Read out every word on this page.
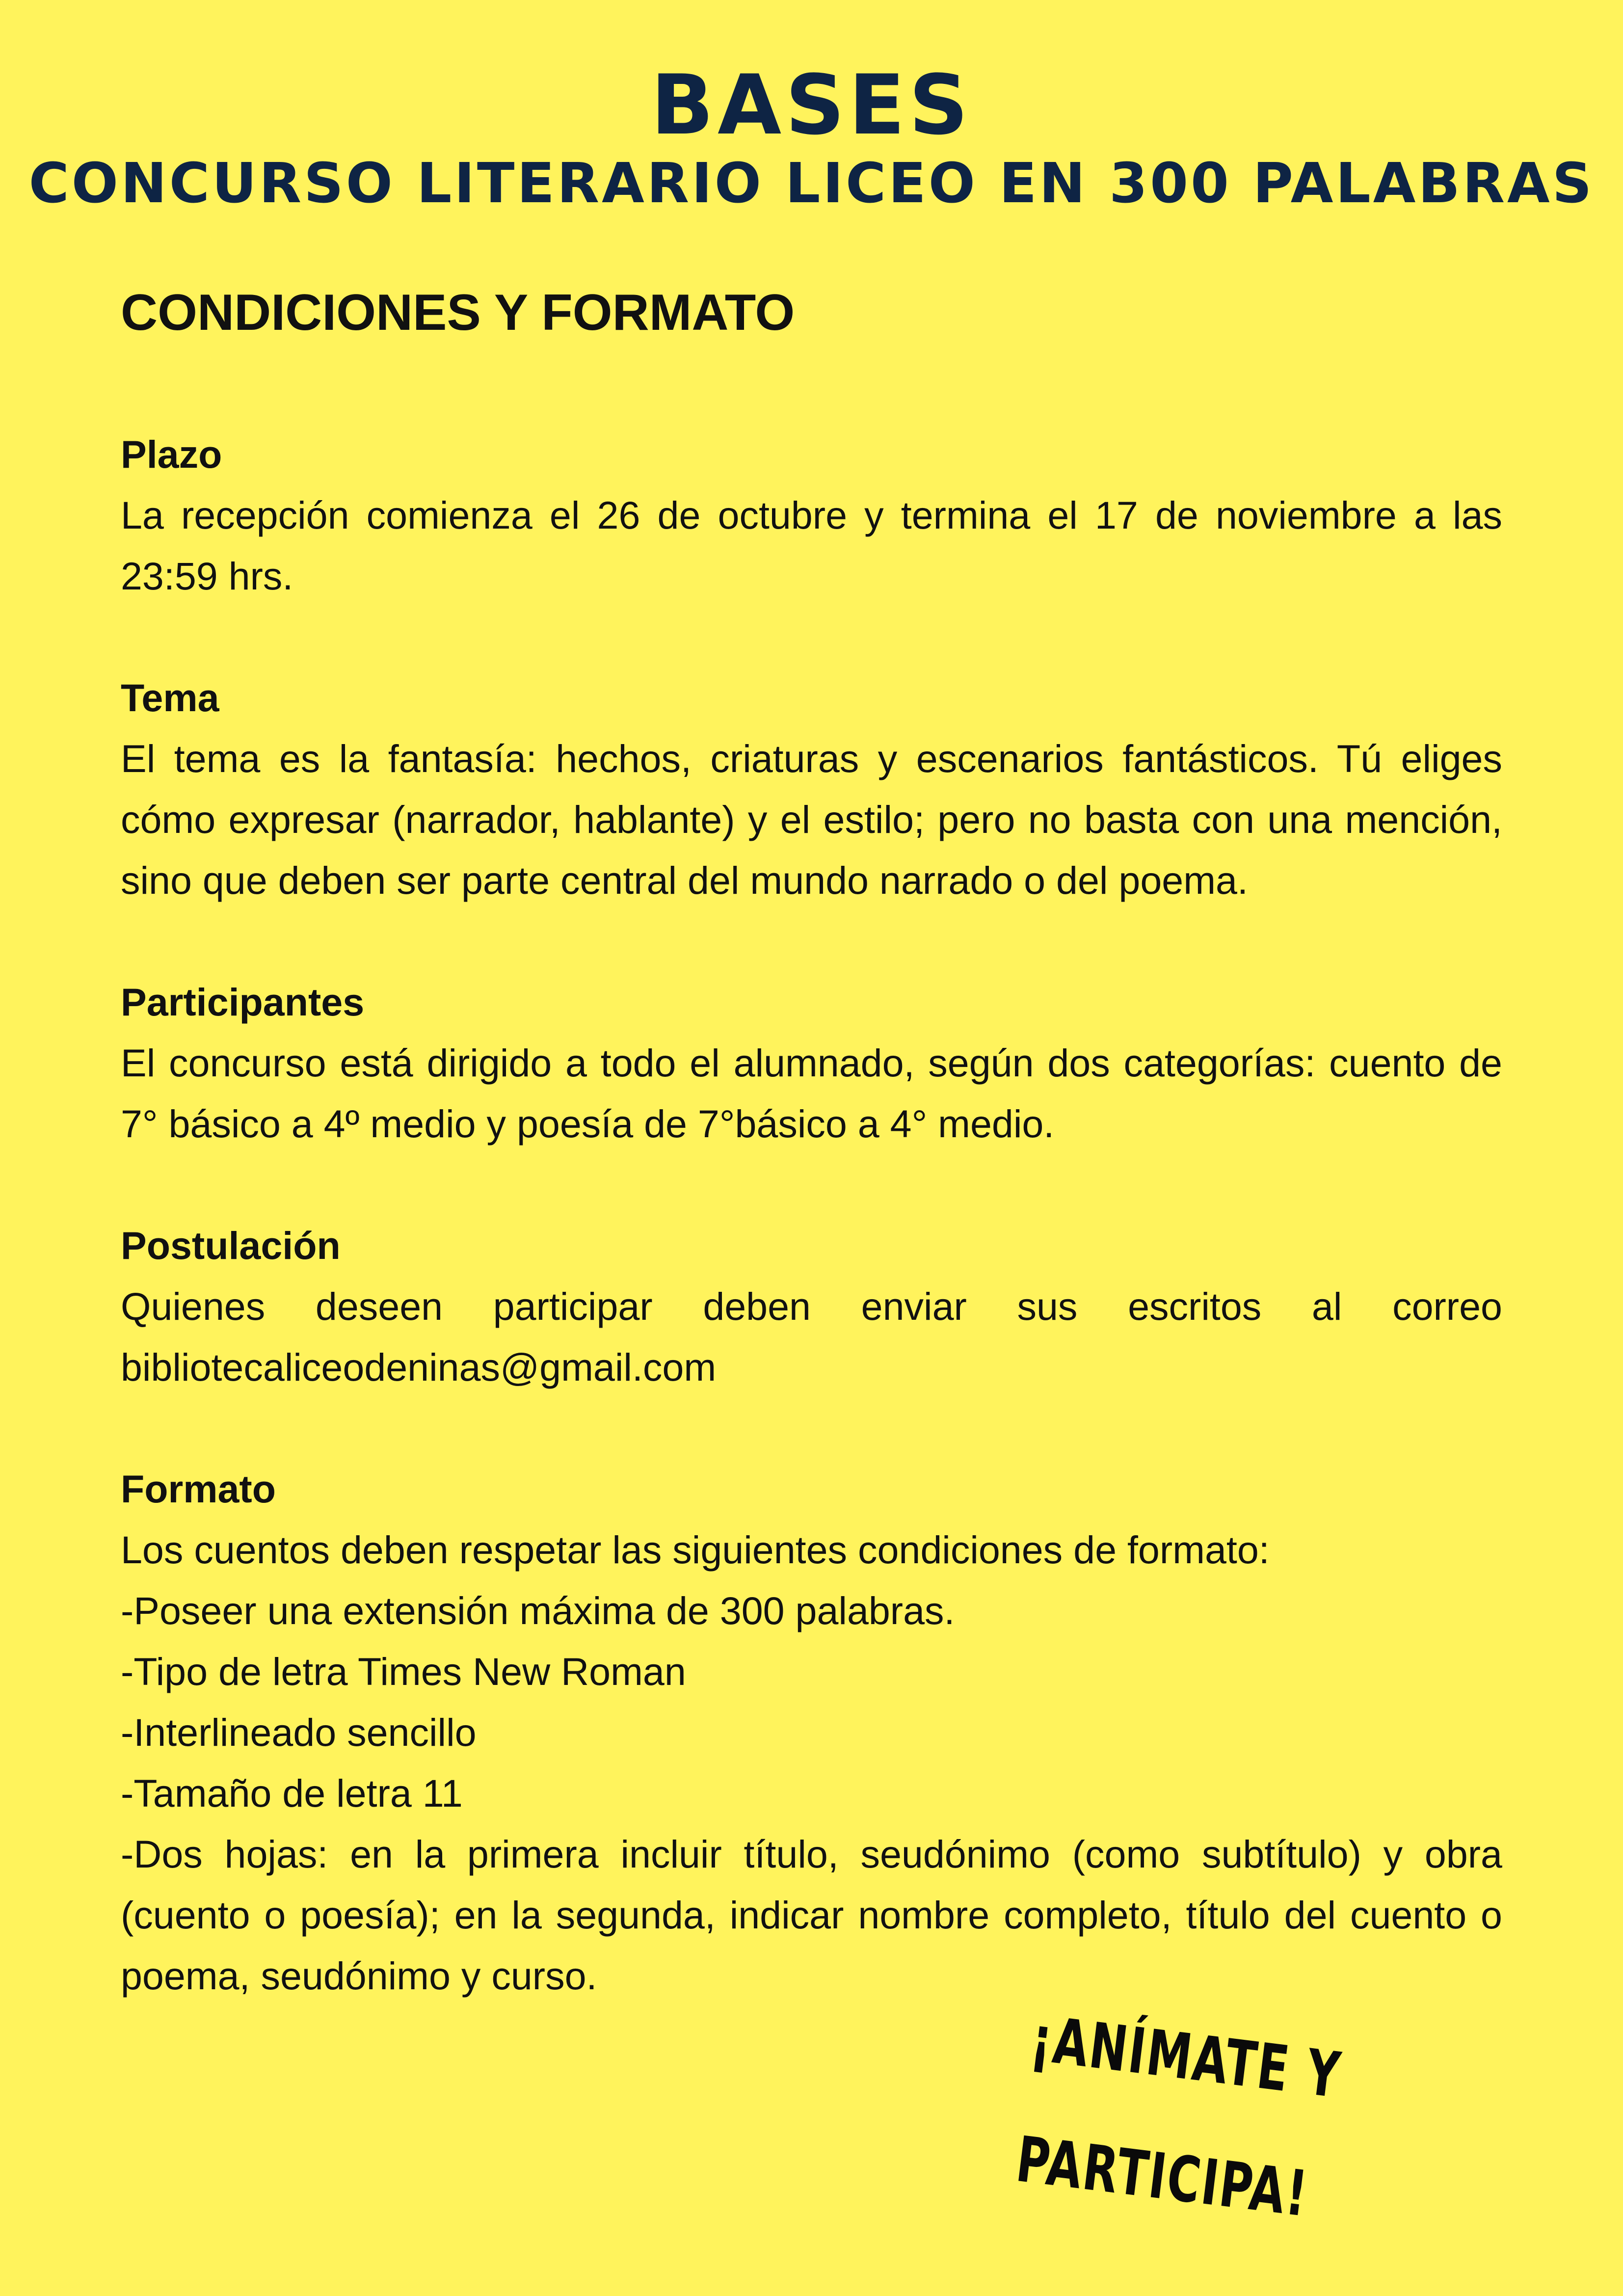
BASES
CONCURSO LITERARIO LICEO EN 300 PALABRAS
CONDICIONES Y FORMATO

Plazo

La recepción comienza el 26 de octubre y termina el 17 de noviembre a las 23:59 hrs.

Tema

El tema es la fantasía: hechos, criaturas y escenarios fantásticos. Tú eliges cómo expresar (narrador, hablante) y el estilo; pero no basta con una mención, sino que deben ser parte central del mundo narrado o del poema.

Participantes

El concurso está dirigido a todo el alumnado, según dos categorías: cuento de 7° básico a 4º medio y poesía de 7°básico a 4° medio.

Postulación

Quienes deseen participar deben enviar sus escritos al correo bibliotecaliceodeninas@gmail.com

Formato

Los cuentos deben respetar las siguientes condiciones de formato:

-Poseer una extensión máxima de 300 palabras.

-Tipo de letra Times New Roman

-Interlineado sencillo

-Tamaño de letra 11

-Dos hojas: en la primera incluir título, seudónimo (como subtítulo) y obra (cuento o poesía); en la segunda, indicar nombre completo, título del cuento o poema, seudónimo y curso.

¡ANÍMATE Y
PARTICIPA!
